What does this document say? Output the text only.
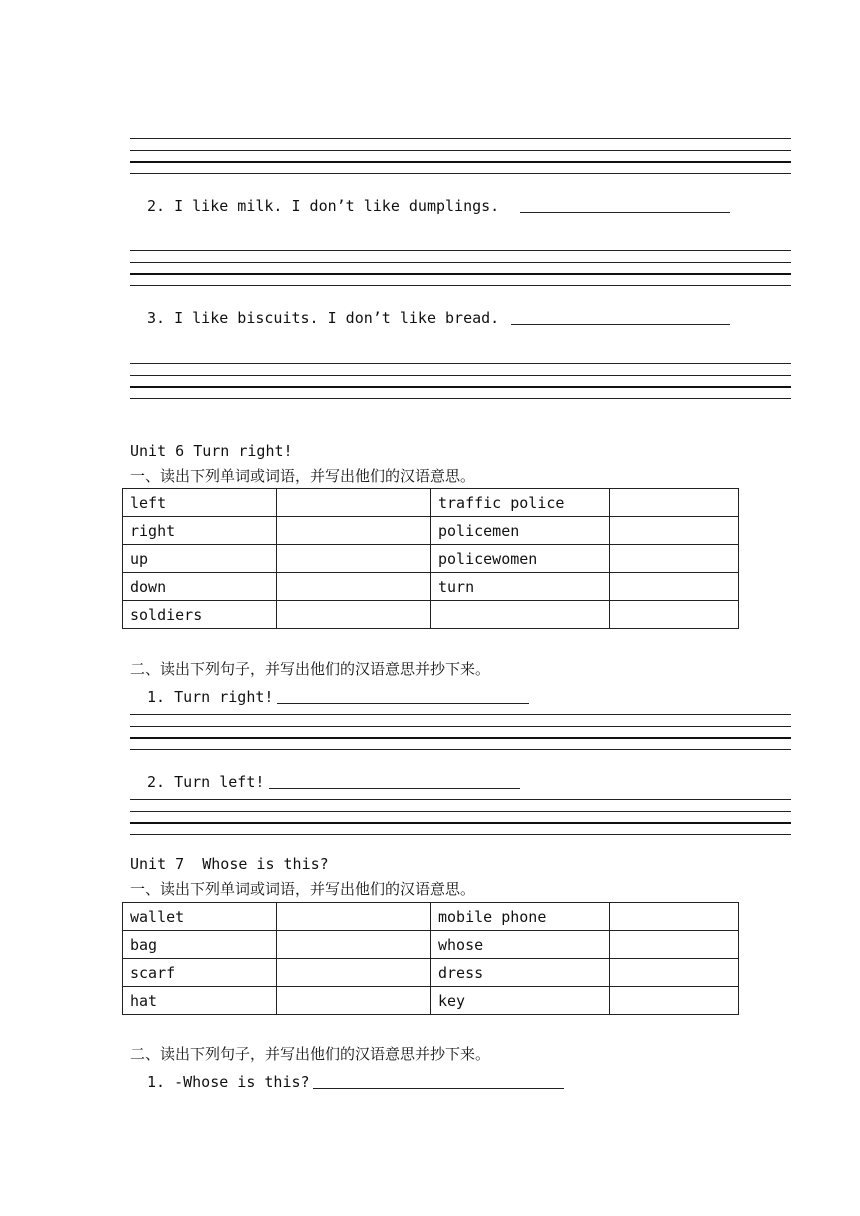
2. I like milk. I don’t like dumplings.
3. I like biscuits. I don’t like bread.
Unit 6 Turn right!
一、读出下列单词或词语，并写出他们的汉语意思。
left		traffic police	
right		policemen	
up		policewomen	
down		turn	
soldiers			
二、读出下列句子，并写出他们的汉语意思并抄下来。
1. Turn right!
2. Turn left!
Unit 7  Whose is this?
一、读出下列单词或词语，并写出他们的汉语意思。
wallet		mobile phone	
bag		whose	
scarf		dress	
hat		key	
二、读出下列句子，并写出他们的汉语意思并抄下来。
1. -Whose is this?
